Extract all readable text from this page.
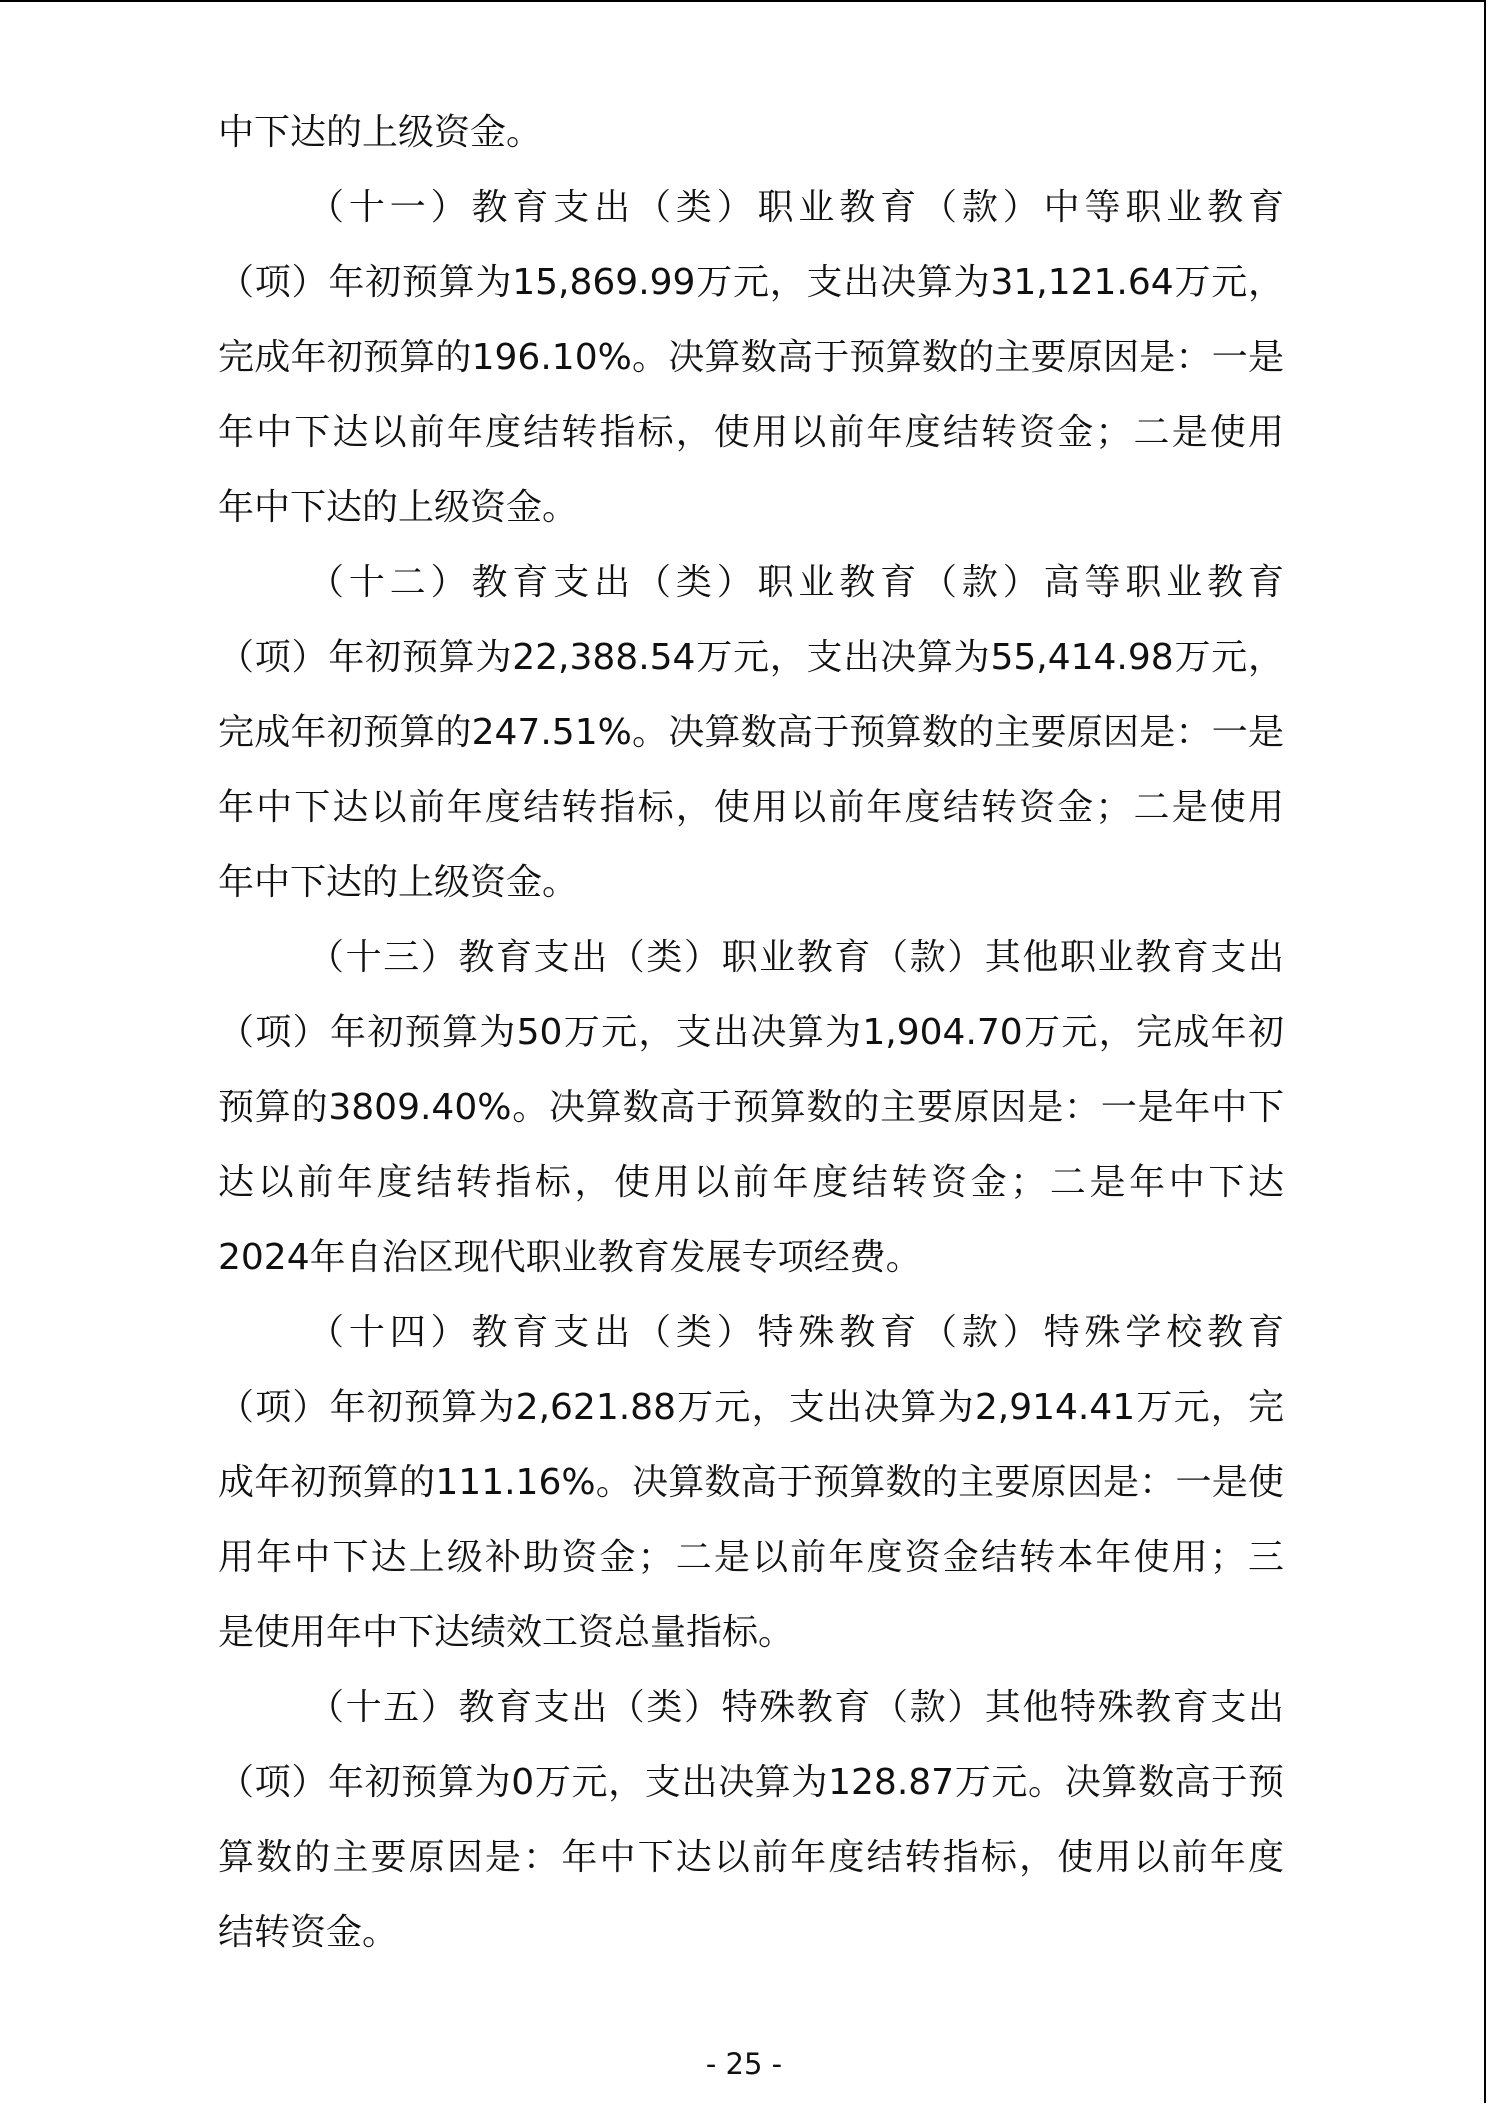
中下达的上级资金。
（十一）教育支出（类）职业教育（款）中等职业教育
（项）年初预算为15,869.99万元，支出决算为31,121.64万元，
完成年初预算的196.10%。决算数高于预算数的主要原因是：一是
年中下达以前年度结转指标，使用以前年度结转资金；二是使用
年中下达的上级资金。
（十二）教育支出（类）职业教育（款）高等职业教育
（项）年初预算为22,388.54万元，支出决算为55,414.98万元，
完成年初预算的247.51%。决算数高于预算数的主要原因是：一是
年中下达以前年度结转指标，使用以前年度结转资金；二是使用
年中下达的上级资金。
（十三）教育支出（类）职业教育（款）其他职业教育支出
（项）年初预算为50万元，支出决算为1,904.70万元，完成年初
预算的3809.40%。决算数高于预算数的主要原因是：一是年中下
达以前年度结转指标，使用以前年度结转资金；二是年中下达
2024年自治区现代职业教育发展专项经费。
（十四）教育支出（类）特殊教育（款）特殊学校教育
（项）年初预算为2,621.88万元，支出决算为2,914.41万元，完
成年初预算的111.16%。决算数高于预算数的主要原因是：一是使
用年中下达上级补助资金；二是以前年度资金结转本年使用；三
是使用年中下达绩效工资总量指标。
（十五）教育支出（类）特殊教育（款）其他特殊教育支出
（项）年初预算为0万元，支出决算为128.87万元。决算数高于预
算数的主要原因是：年中下达以前年度结转指标，使用以前年度
结转资金。
- 25 -
